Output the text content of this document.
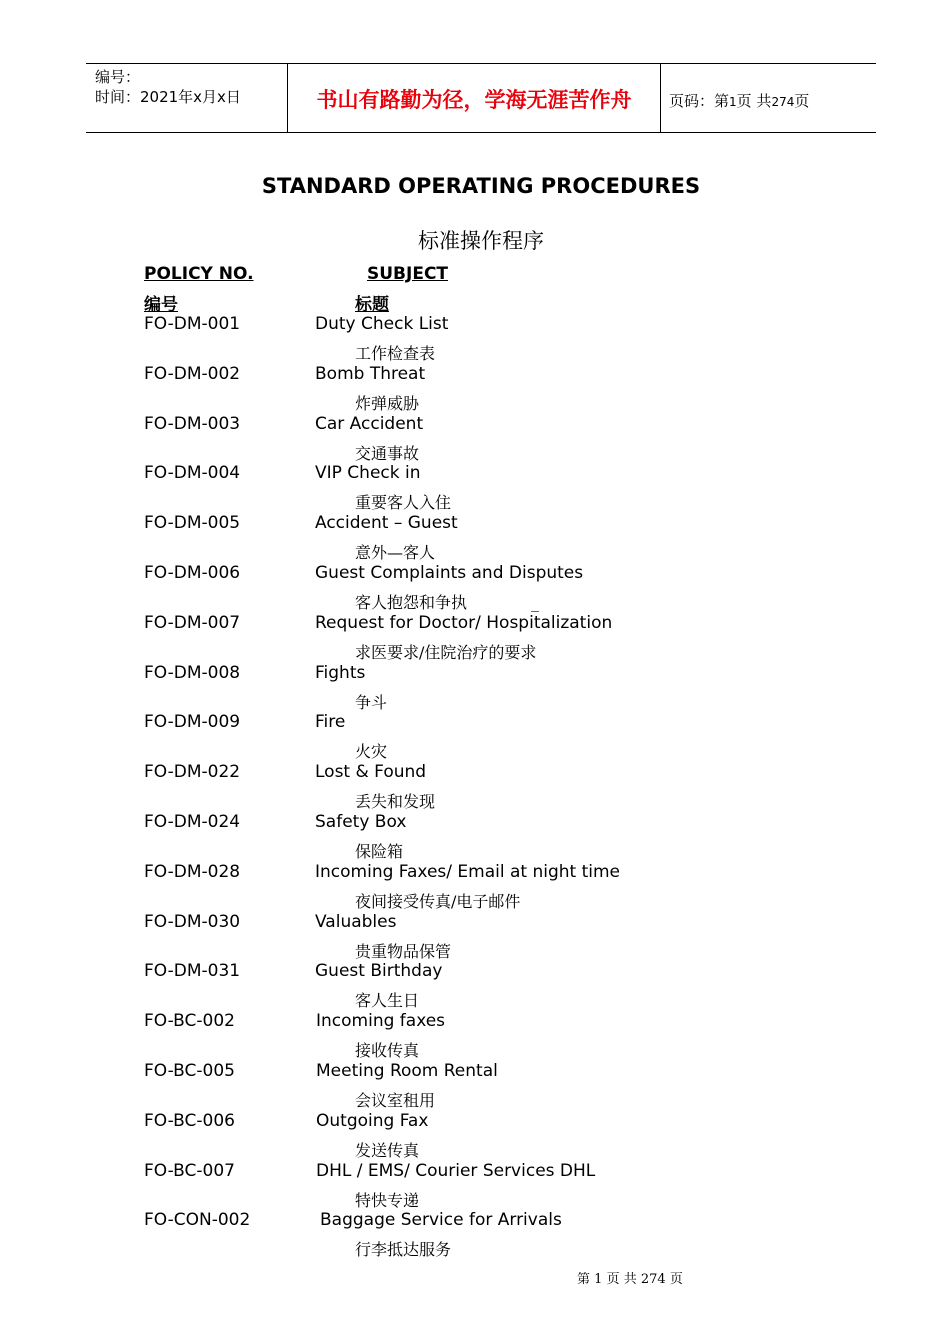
编号：
时间：2021年x月x日	书山有路勤为径，学海无涯苦作舟	页码：第1页 共274页
STANDARD OPERATING PROCEDURES
标准操作程序
POLICY NO.	SUBJECT
编号	标题
FO-DM-001	Duty Check List
工作检查表
FO-DM-002	Bomb Threat
炸弹威胁
FO-DM-003	Car Accident
交通事故
FO-DM-004	VIP Check in
重要客人入住
FO-DM-005	Accident – Guest
意外—客人
FO-DM-006	Guest Complaints and Disputes
客人抱怨和争执　　　　_
FO-DM-007	Request for Doctor/ Hospitalization
求医要求/住院治疗的要求
FO-DM-008	Fights
争斗
FO-DM-009	Fire
火灾
FO-DM-022	Lost & Found
丢失和发现
FO-DM-024	Safety Box
保险箱
FO-DM-028	Incoming Faxes/ Email at night time
夜间接受传真/电子邮件
FO-DM-030	Valuables
贵重物品保管
FO-DM-031	Guest Birthday
客人生日
FO-BC-002	Incoming faxes
接收传真
FO-BC-005	Meeting Room Rental
会议室租用
FO-BC-006	Outgoing Fax
发送传真
FO-BC-007	DHL / EMS/ Courier Services DHL
特快专递
FO-CON-002	Baggage Service for Arrivals
行李抵达服务
第 1 页 共 274 页
